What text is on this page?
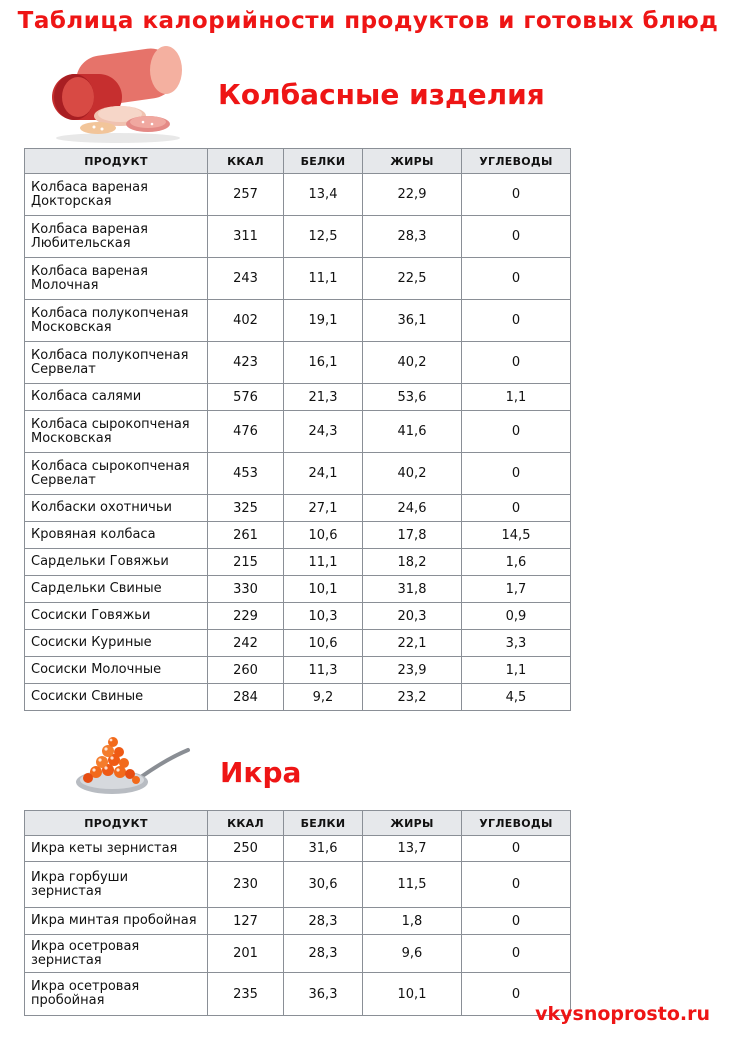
Таблица калорийности продуктов и готовых блюд
Колбасные изделия
ПРОДУКТ	ККАЛ	БЕЛКИ	ЖИРЫ	УГЛЕВОДЫ
Колбаса вареная Докторская	257	13,4	22,9	0
Колбаса вареная Любительская	311	12,5	28,3	0
Колбаса вареная Молочная	243	11,1	22,5	0
Колбаса полукопченая Московская	402	19,1	36,1	0
Колбаса полукопченая Сервелат	423	16,1	40,2	0
Колбаса салями	576	21,3	53,6	1,1
Колбаса сырокопченая Московская	476	24,3	41,6	0
Колбаса сырокопченая Сервелат	453	24,1	40,2	0
Колбаски охотничьи	325	27,1	24,6	0
Кровяная колбаса	261	10,6	17,8	14,5
Сардельки Говяжьи	215	11,1	18,2	1,6
Сардельки Свиные	330	10,1	31,8	1,7
Сосиски Говяжьи	229	10,3	20,3	0,9
Сосиски Куриные	242	10,6	22,1	3,3
Сосиски Молочные	260	11,3	23,9	1,1
Сосиски Свиные	284	9,2	23,2	4,5
Икра
ПРОДУКТ	ККАЛ	БЕЛКИ	ЖИРЫ	УГЛЕВОДЫ
Икра кеты зернистая	250	31,6	13,7	0
Икра горбуши зернистая	230	30,6	11,5	0
Икра минтая пробойная	127	28,3	1,8	0
Икра осетровая зернистая	201	28,3	9,6	0
Икра осетровая пробойная	235	36,3	10,1	0
vkysnoprosto.ru
